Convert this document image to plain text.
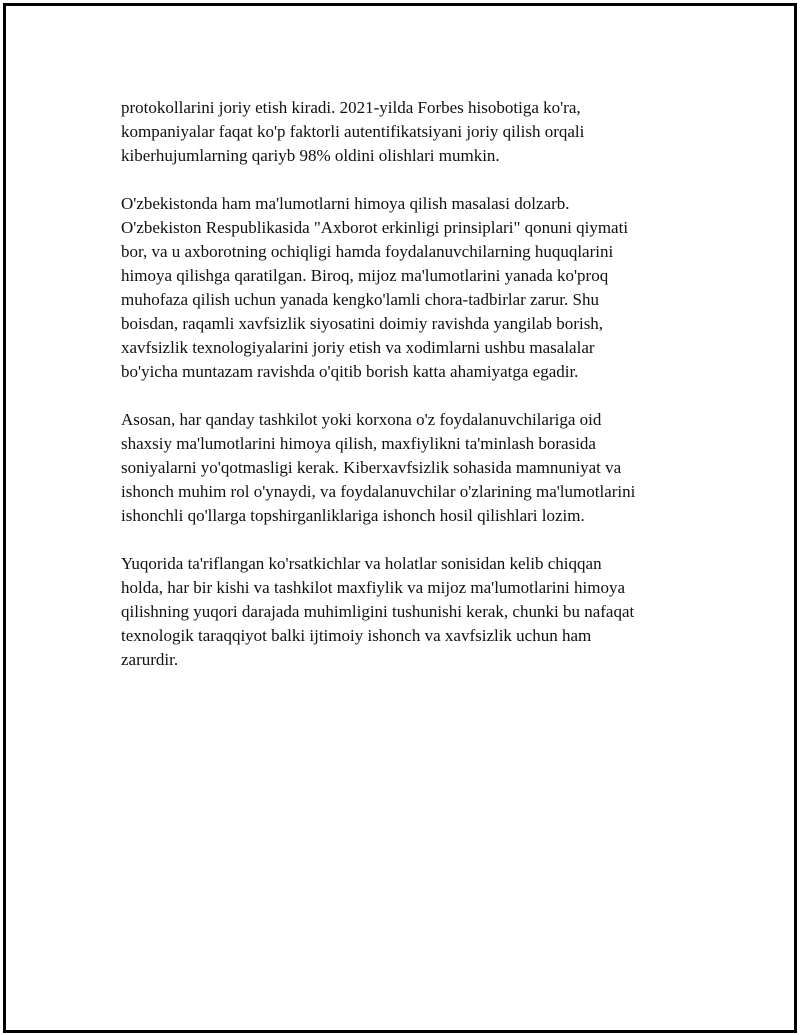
protokollarini joriy etish kiradi. 2021-yilda Forbes hisobotiga ko'ra,
kompaniyalar faqat ko'p faktorli autentifikatsiyani joriy qilish orqali
kiberhujumlarning qariyb 98% oldini olishlari mumkin.

O'zbekistonda ham ma'lumotlarni himoya qilish masalasi dolzarb.
O'zbekiston Respublikasida "Axborot erkinligi prinsiplari" qonuni qiymati
bor, va u axborotning ochiqligi hamda foydalanuvchilarning huquqlarini
himoya qilishga qaratilgan. Biroq, mijoz ma'lumotlarini yanada ko'proq
muhofaza qilish uchun yanada kengko'lamli chora-tadbirlar zarur. Shu
boisdan, raqamli xavfsizlik siyosatini doimiy ravishda yangilab borish,
xavfsizlik texnologiyalarini joriy etish va xodimlarni ushbu masalalar
bo'yicha muntazam ravishda o'qitib borish katta ahamiyatga egadir.

Asosan, har qanday tashkilot yoki korxona o'z foydalanuvchilariga oid
shaxsiy ma'lumotlarini himoya qilish, maxfiylikni ta'minlash borasida
soniyalarni yo'qotmasligi kerak. Kiberxavfsizlik sohasida mamnuniyat va
ishonch muhim rol o'ynaydi, va foydalanuvchilar o'zlarining ma'lumotlarini
ishonchli qo'llarga topshirganliklariga ishonch hosil qilishlari lozim.

Yuqorida ta'riflangan ko'rsatkichlar va holatlar sonisidan kelib chiqqan
holda, har bir kishi va tashkilot maxfiylik va mijoz ma'lumotlarini himoya
qilishning yuqori darajada muhimligini tushunishi kerak, chunki bu nafaqat
texnologik taraqqiyot balki ijtimoiy ishonch va xavfsizlik uchun ham
zarurdir.
